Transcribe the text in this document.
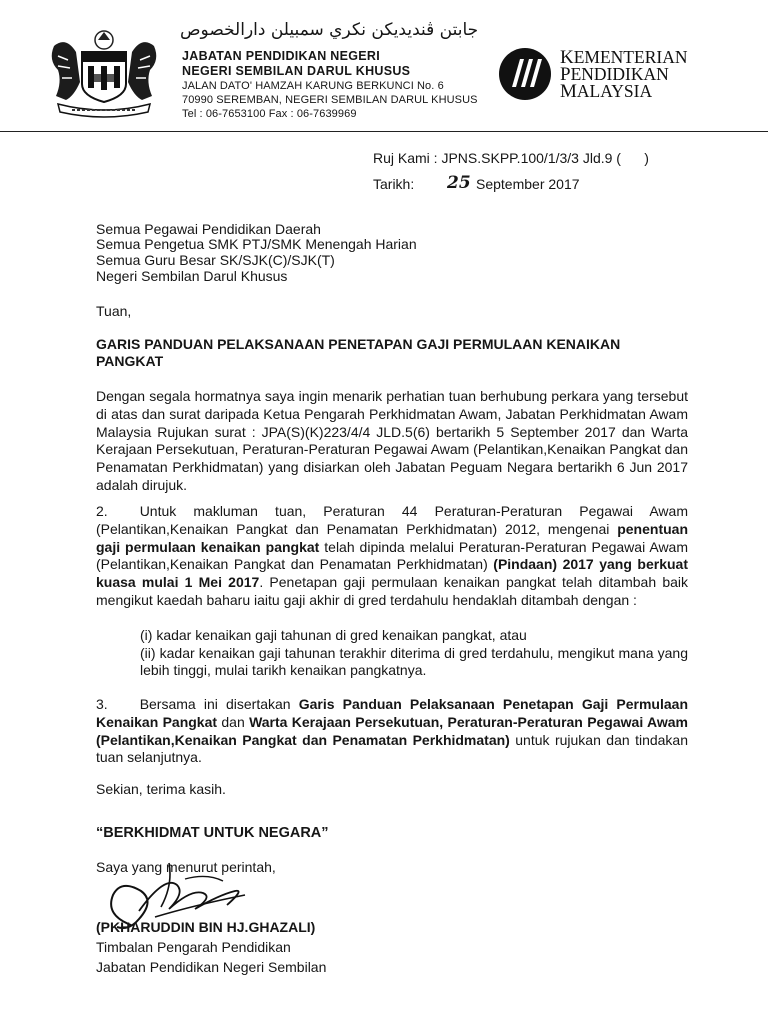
جابتن ڤنديديکن نکري سمبيلن دارالخصوص
JABATAN PENDIDIKAN NEGERI
NEGERI SEMBILAN DARUL KHUSUS
JALAN DATO' HAMZAH KARUNG BERKUNCI No. 6
70990 SEREMBAN, NEGERI SEMBILAN DARUL KHUSUS
Tel : 06-7653100 Fax : 06-7639969
KEMENTERIAN
PENDIDIKAN
MALAYSIA
Ruj Kami : JPNS.SKPP.100/1/3/3 Jld.9 (      )
Tarikh: 25 September 2017
Semua Pegawai Pendidikan Daerah
Semua Pengetua SMK PTJ/SMK Menengah Harian
Semua Guru Besar SK/SJK(C)/SJK(T)
Negeri Sembilan Darul Khusus
Tuan,
GARIS PANDUAN PELAKSANAAN PENETAPAN GAJI PERMULAAN KENAIKAN PANGKAT
Dengan segala hormatnya saya ingin menarik perhatian tuan berhubung perkara yang tersebut di atas dan surat daripada Ketua Pengarah Perkhidmatan Awam, Jabatan Perkhidmatan Awam Malaysia Rujukan surat : JPA(S)(K)223/4/4 JLD.5(6) bertarikh 5 September 2017 dan Warta Kerajaan Persekutuan, Peraturan-Peraturan Pegawai Awam (Pelantikan,Kenaikan Pangkat dan Penamatan Perkhidmatan) yang disiarkan oleh Jabatan Peguam Negara bertarikh 6 Jun 2017 adalah dirujuk.
2. Untuk makluman tuan, Peraturan 44 Peraturan-Peraturan Pegawai Awam (Pelantikan,Kenaikan Pangkat dan Penamatan Perkhidmatan) 2012, mengenai penentuan gaji permulaan kenaikan pangkat telah dipinda melalui Peraturan-Peraturan Pegawai Awam (Pelantikan,Kenaikan Pangkat dan Penamatan Perkhidmatan) (Pindaan) 2017 yang berkuat kuasa mulai 1 Mei 2017. Penetapan gaji permulaan kenaikan pangkat telah ditambah baik mengikut kaedah baharu iaitu gaji akhir di gred terdahulu hendaklah ditambah dengan :
(i) kadar kenaikan gaji tahunan di gred kenaikan pangkat, atau
(ii) kadar kenaikan gaji tahunan terakhir diterima di gred terdahulu, mengikut mana yang lebih tinggi, mulai tarikh kenaikan pangkatnya.
3. Bersama ini disertakan Garis Panduan Pelaksanaan Penetapan Gaji Permulaan Kenaikan Pangkat dan Warta Kerajaan Persekutuan, Peraturan-Peraturan Pegawai Awam (Pelantikan,Kenaikan Pangkat dan Penamatan Perkhidmatan) untuk rujukan dan tindakan tuan selanjutnya.
Sekian, terima kasih.
“BERKHIDMAT UNTUK NEGARA”
Saya yang menurut perintah,
(PKHARUDDIN BIN HJ.GHAZALI)
Timbalan Pengarah Pendidikan
Jabatan Pendidikan Negeri Sembilan
